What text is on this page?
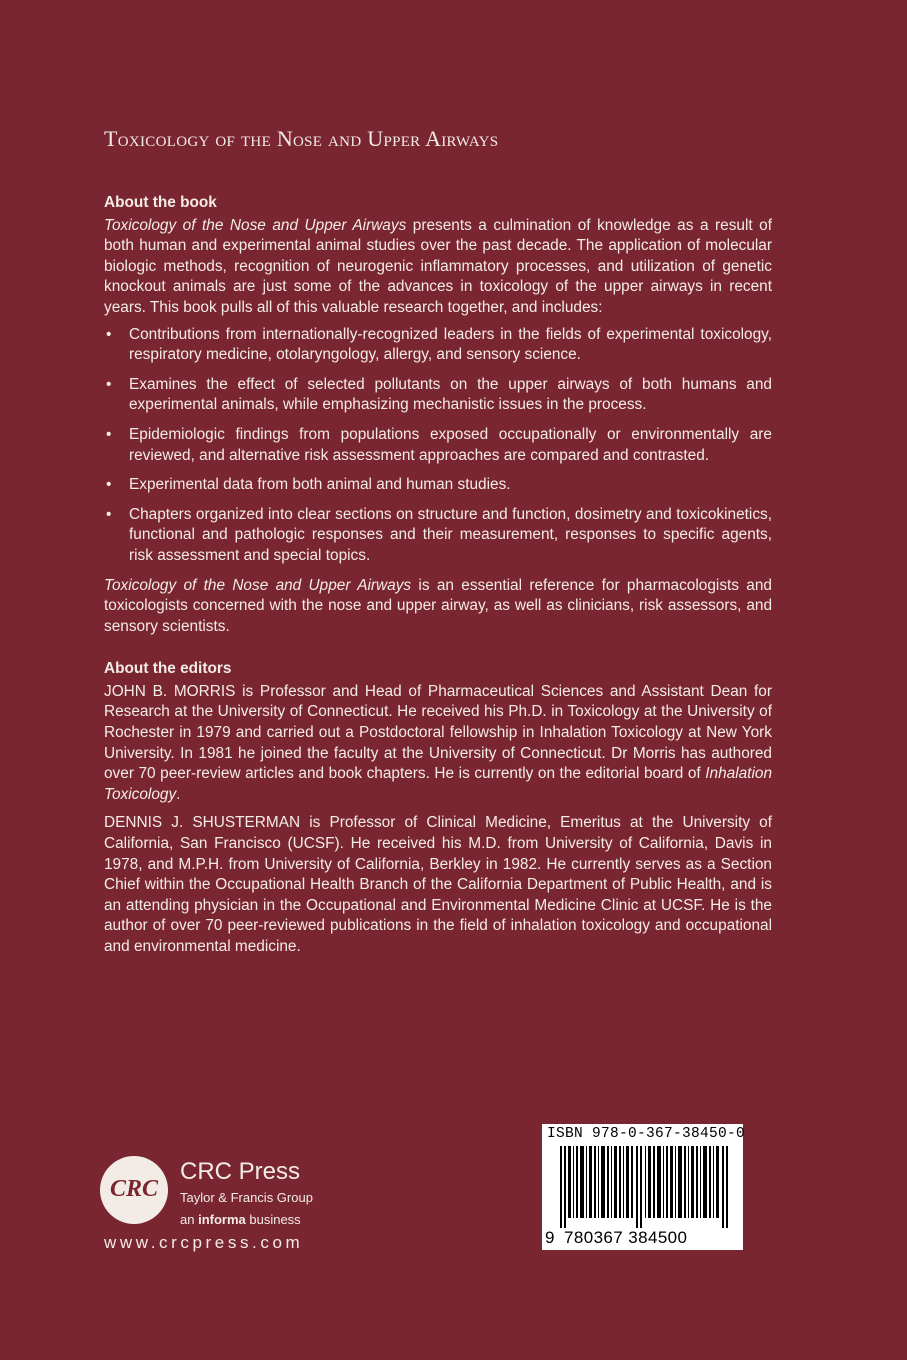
Toxicology of the Nose and Upper Airways
About the book

Toxicology of the Nose and Upper Airways presents a culmination of knowledge as a result of both human and experimental animal studies over the past decade. The application of molecular biologic methods, recognition of neurogenic inflammatory processes, and utilization of genetic knockout animals are just some of the advances in toxicology of the upper airways in recent years. This book pulls all of this valuable research together, and includes:

• Contributions from internationally-recognized leaders in the fields of experimental toxicology, respiratory medicine, otolaryngology, allergy, and sensory science.
• Examines the effect of selected pollutants on the upper airways of both humans and experimental animals, while emphasizing mechanistic issues in the process.
• Epidemiologic findings from populations exposed occupationally or environmentally are reviewed, and alternative risk assessment approaches are compared and contrasted.
• Experimental data from both animal and human studies.
• Chapters organized into clear sections on structure and function, dosimetry and toxicokinetics, functional and pathologic responses and their measurement, responses to specific agents, risk assessment and special topics.

Toxicology of the Nose and Upper Airways is an essential reference for pharmacologists and toxicologists concerned with the nose and upper airway, as well as clinicians, risk assessors, and sensory scientists.

About the editors

JOHN B. MORRIS is Professor and Head of Pharmaceutical Sciences and Assistant Dean for Research at the University of Connecticut. He received his Ph.D. in Toxicology at the University of Rochester in 1979 and carried out a Postdoctoral fellowship in Inhalation Toxicology at New York University. In 1981 he joined the faculty at the University of Connecticut. Dr Morris has authored over 70 peer-review articles and book chapters. He is currently on the editorial board of Inhalation Toxicology.

DENNIS J. SHUSTERMAN is Professor of Clinical Medicine, Emeritus at the University of California, San Francisco (UCSF). He received his M.D. from University of California, Davis in 1978, and M.P.H. from University of California, Berkley in 1982. He currently serves as a Section Chief within the Occupational Health Branch of the California Department of Public Health, and is an attending physician in the Occupational and Environmental Medicine Clinic at UCSF. He is the author of over 70 peer-reviewed publications in the field of inhalation toxicology and occupational and environmental medicine.

CRC
CRC Press
Taylor & Francis Group
an informa business
www.crcpress.com
ISBN 978-0-367-38450-0
9 780367 384500
